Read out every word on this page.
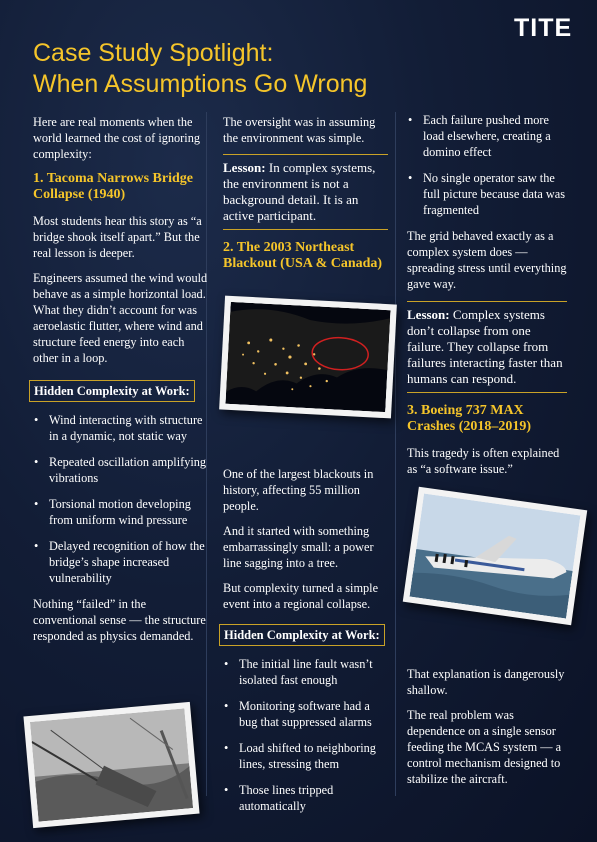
TITE
Case Study Spotlight:
When Assumptions Go Wrong

Here are real moments when the world learned the cost of ignoring complexity:

1. Tacoma Narrows Bridge Collapse (1940)

Most students hear this story as “a bridge shook itself apart.” But the real lesson is deeper.

Engineers assumed the wind would behave as a simple horizontal load. What they didn’t account for was aeroelastic flutter, where wind and structure feed energy into each other in a loop.

Hidden Complexity at Work:
• Wind interacting with structure in a dynamic, not static way
• Repeated oscillation amplifying vibrations
• Torsional motion developing from uniform wind pressure
• Delayed recognition of how the bridge’s shape increased vulnerability

Nothing “failed” in the conventional sense — the structure responded as physics demanded.

The oversight was in assuming the environment was simple.

Lesson: In complex systems, the environment is not a background detail. It is an active participant.
2. The 2003 Northeast Blackout (USA & Canada)

One of the largest blackouts in history, affecting 55 million people.

And it started with something embarrassingly small: a power line sagging into a tree.

But complexity turned a simple event into a regional collapse.

Hidden Complexity at Work:
• The initial line fault wasn’t isolated fast enough
• Monitoring software had a bug that suppressed alarms
• Load shifted to neighboring lines, stressing them
• Those lines tripped automatically
• Each failure pushed more load elsewhere, creating a domino effect
• No single operator saw the full picture because data was fragmented

The grid behaved exactly as a complex system does — spreading stress until everything gave way.

Lesson: Complex systems don’t collapse from one failure. They collapse from failures interacting faster than humans can respond.
3. Boeing 737 MAX Crashes (2018–2019)

This tragedy is often explained as “a software issue.”

That explanation is dangerously shallow.

The real problem was dependence on a single sensor feeding the MCAS system — a control mechanism designed to stabilize the aircraft.
